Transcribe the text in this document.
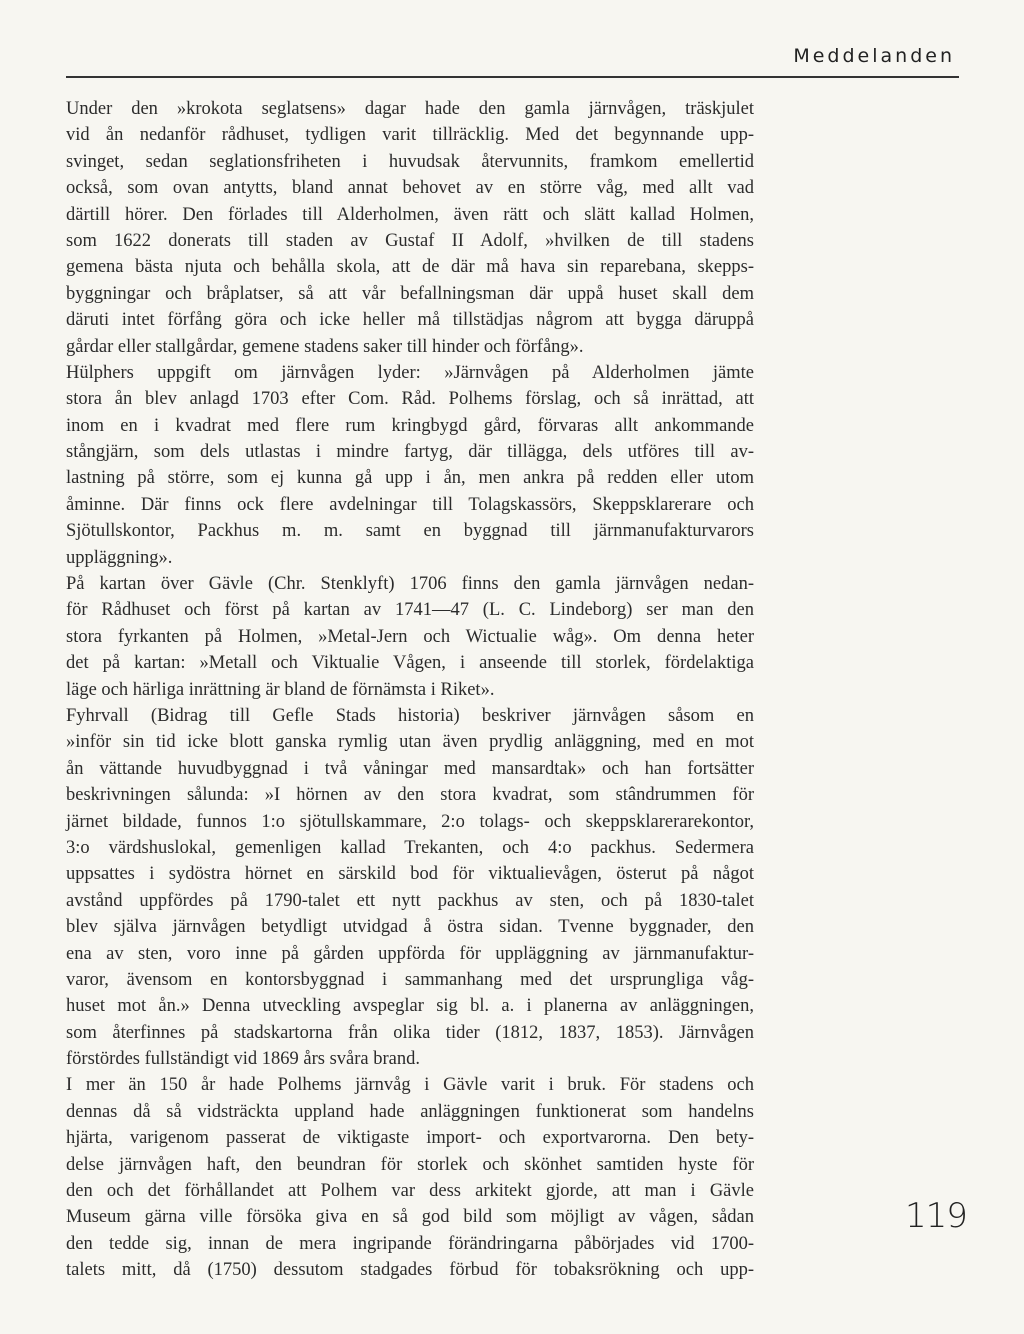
Meddelanden
Under den »krokota seglatsens» dagar hade den gamla järnvågen, träskjulet
vid ån nedanför rådhuset, tydligen varit tillräcklig. Med det begynnande upp-
svinget, sedan seglationsfriheten i huvudsak återvunnits, framkom emellertid
också, som ovan antytts, bland annat behovet av en större våg, med allt vad
därtill hörer. Den förlades till Alderholmen, även rätt och slätt kallad Holmen,
som 1622 donerats till staden av Gustaf II Adolf, »hvilken de till stadens
gemena bästa njuta och behålla skola, att de där må hava sin reparebana, skepps-
byggningar och bråplatser, så att vår befallningsman där uppå huset skall dem
däruti intet förfång göra och icke heller må tillstädjas någrom att bygga däruppå
gårdar eller stallgårdar, gemene stadens saker till hinder och förfång».
Hülphers uppgift om järnvågen lyder: »Järnvågen på Alderholmen jämte
stora ån blev anlagd 1703 efter Com. Råd. Polhems förslag, och så inrättad, att
inom en i kvadrat med flere rum kringbygd gård, förvaras allt ankommande
stångjärn, som dels utlastas i mindre fartyg, där tillägga, dels utföres till av-
lastning på större, som ej kunna gå upp i ån, men ankra på redden eller utom
åminne. Där finns ock flere avdelningar till Tolagskassörs, Skeppsklarerare och
Sjötullskontor, Packhus m. m. samt en byggnad till järnmanufakturvarors
uppläggning».
På kartan över Gävle (Chr. Stenklyft) 1706 finns den gamla järnvågen nedan-
för Rådhuset och först på kartan av 1741—47 (L. C. Lindeborg) ser man den
stora fyrkanten på Holmen, »Metal-Jern och Wictualie wåg». Om denna heter
det på kartan: »Metall och Viktualie Vågen, i anseende till storlek, fördelaktiga
läge och härliga inrättning är bland de förnämsta i Riket».
Fyhrvall (Bidrag till Gefle Stads historia) beskriver järnvågen såsom en
»inför sin tid icke blott ganska rymlig utan även prydlig anläggning, med en mot
ån vättande huvudbyggnad i två våningar med mansardtak» och han fortsätter
beskrivningen sålunda: »I hörnen av den stora kvadrat, som stândrummen för
järnet bildade, funnos 1:o sjötullskammare, 2:o tolags- och skeppsklarerarekontor,
3:o värdshuslokal, gemenligen kallad Trekanten, och 4:o packhus. Sedermera
uppsattes i sydöstra hörnet en särskild bod för viktualievågen, österut på något
avstånd uppfördes på 1790-talet ett nytt packhus av sten, och på 1830-talet
blev själva järnvågen betydligt utvidgad å östra sidan. Tvenne byggnader, den
ena av sten, voro inne på gården uppförda för uppläggning av järnmanufaktur-
varor, ävensom en kontorsbyggnad i sammanhang med det ursprungliga våg-
huset mot ån.» Denna utveckling avspeglar sig bl. a. i planerna av anläggningen,
som återfinnes på stadskartorna från olika tider (1812, 1837, 1853). Järnvågen
förstördes fullständigt vid 1869 års svåra brand.
I mer än 150 år hade Polhems järnvåg i Gävle varit i bruk. För stadens och
dennas då så vidsträckta uppland hade anläggningen funktionerat som handelns
hjärta, varigenom passerat de viktigaste import- och exportvarorna. Den bety-
delse järnvågen haft, den beundran för storlek och skönhet samtiden hyste för
den och det förhållandet att Polhem var dess arkitekt gjorde, att man i Gävle
Museum gärna ville försöka giva en så god bild som möjligt av vågen, sådan
den tedde sig, innan de mera ingripande förändringarna påbörjades vid 1700-
talets mitt, då (1750) dessutom stadgades förbud för tobaksrökning och upp-
119
